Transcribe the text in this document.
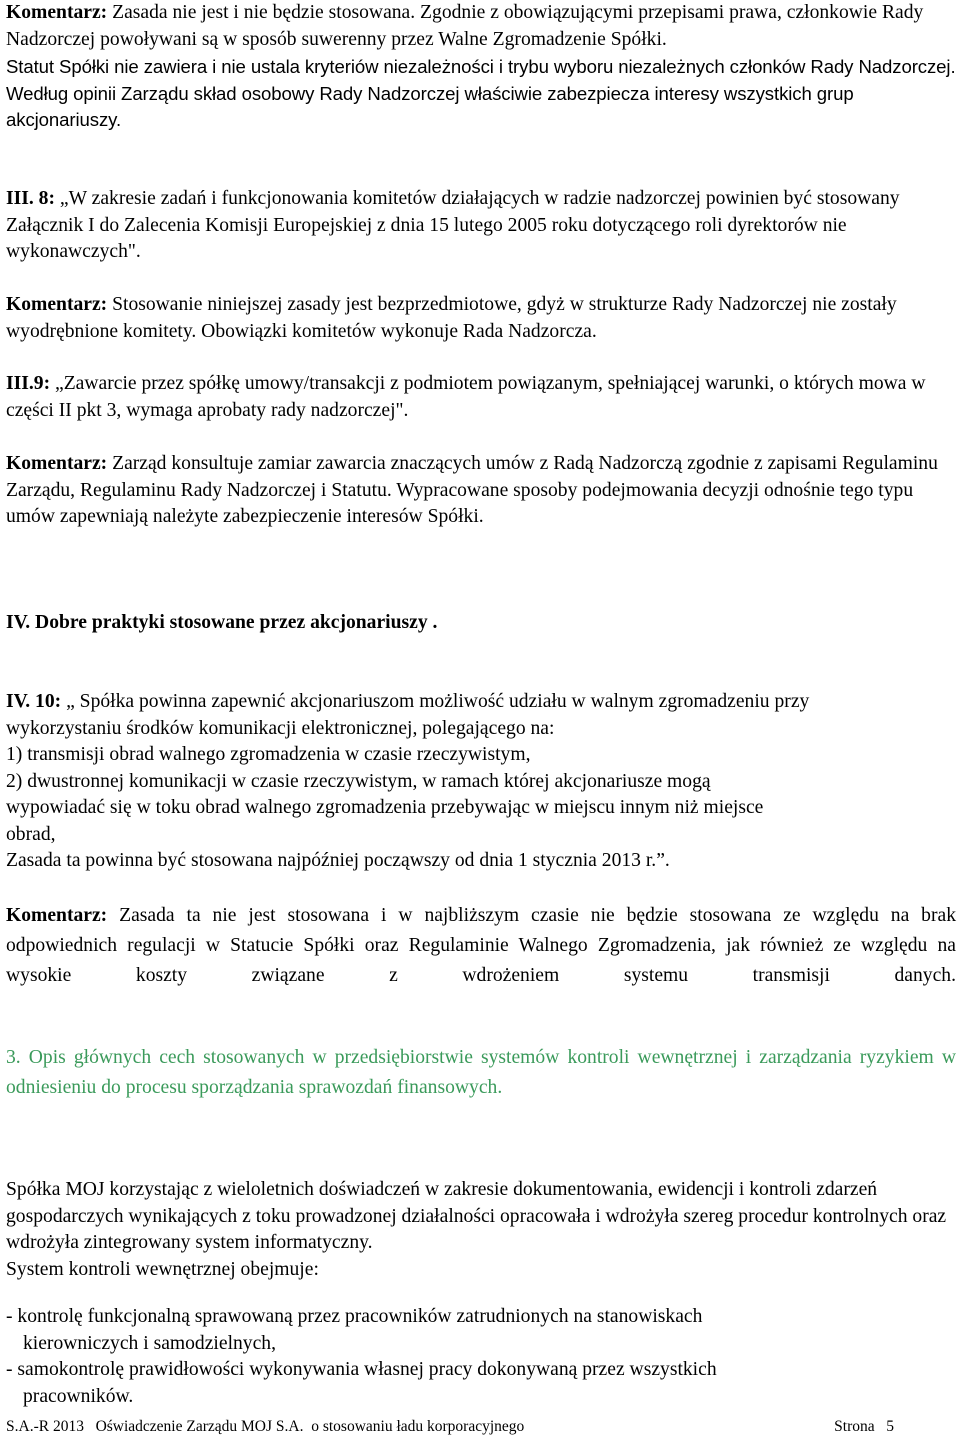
Komentarz: Zasada nie jest i nie będzie stosowana. Zgodnie z obowiązującymi przepisami prawa, członkowie Rady Nadzorczej powoływani są w sposób suwerenny przez Walne Zgromadzenie Spółki.

Statut Spółki nie zawiera i nie ustala kryteriów niezależności i trybu wyboru niezależnych członków Rady Nadzorczej. Według opinii Zarządu skład osobowy Rady Nadzorczej właściwie zabezpiecza interesy wszystkich grup akcjonariuszy.

III. 8: „W zakresie zadań i funkcjonowania komitetów działających w radzie nadzorczej powinien być stosowany Załącznik I do Zalecenia Komisji Europejskiej z dnia 15 lutego 2005 roku dotyczącego roli dyrektorów nie wykonawczych".

Komentarz: Stosowanie niniejszej zasady jest bezprzedmiotowe, gdyż w strukturze Rady Nadzorczej nie zostały wyodrębnione komitety. Obowiązki komitetów wykonuje Rada Nadzorcza.

III.9: „Zawarcie przez spółkę umowy/transakcji z podmiotem powiązanym, spełniającej warunki, o których mowa w części II pkt 3, wymaga aprobaty rady nadzorczej".

Komentarz: Zarząd konsultuje zamiar zawarcia znaczących umów z Radą Nadzorczą zgodnie z zapisami Regulaminu Zarządu, Regulaminu Rady Nadzorczej i Statutu. Wypracowane sposoby podejmowania decyzji odnośnie tego typu umów zapewniają należyte zabezpieczenie interesów Spółki.

IV. Dobre praktyki stosowane przez akcjonariuszy .

IV. 10: „ Spółka powinna zapewnić akcjonariuszom możliwość udziału w walnym zgromadzeniu przy
wykorzystaniu środków komunikacji elektronicznej, polegającego na:
1) transmisji obrad walnego zgromadzenia w czasie rzeczywistym,
2) dwustronnej komunikacji w czasie rzeczywistym, w ramach której akcjonariusze mogą
wypowiadać się w toku obrad walnego zgromadzenia przebywając w miejscu innym niż miejsce
obrad,
Zasada ta powinna być stosowana najpóźniej począwszy od dnia 1 stycznia 2013 r.”.

Komentarz: Zasada ta nie jest stosowana i w najbliższym czasie nie będzie stosowana ze względu na brak odpowiednich regulacji w Statucie Spółki oraz Regulaminie Walnego Zgromadzenia, jak również ze względu na wysokie koszty związane z wdrożeniem systemu transmisji danych.

3. Opis głównych cech stosowanych w przedsiębiorstwie systemów kontroli wewnętrznej i zarządzania ryzykiem w odniesieniu do procesu sporządzania sprawozdań finansowych.

Spółka MOJ korzystając z wieloletnich doświadczeń w zakresie dokumentowania, ewidencji i kontroli zdarzeń gospodarczych wynikających z toku prowadzonej działalności opracowała i wdrożyła szereg procedur kontrolnych oraz wdrożyła zintegrowany system informatyczny.

System kontroli wewnętrznej obejmuje:

- kontrolę funkcjonalną sprawowaną przez pracowników zatrudnionych na stanowiskach
kierowniczych i samodzielnych,
- samokontrolę prawidłowości wykonywania własnej pracy dokonywaną przez wszystkich
pracowników.
S.A.-R 2013   Oświadczenie Zarządu MOJ S.A.  o stosowaniu ładu korporacyjnego	Strona   5
